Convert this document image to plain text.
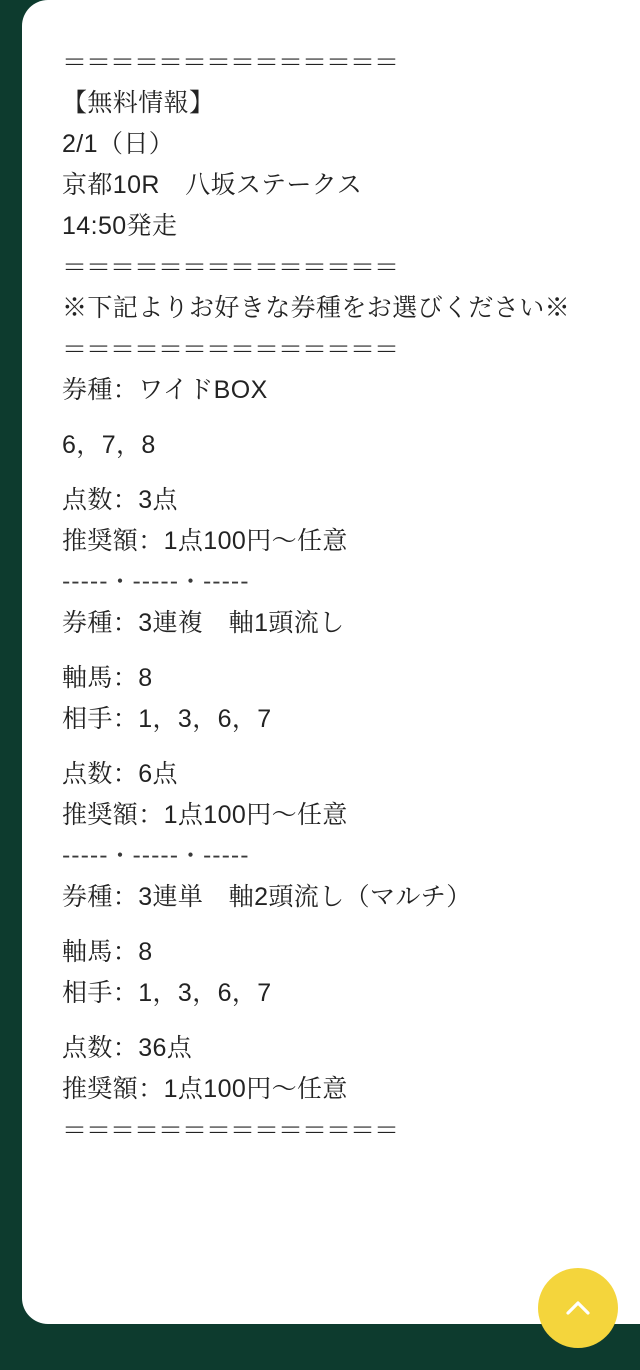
＝＝＝＝＝＝＝＝＝＝＝＝＝＝
【無料情報】
2/1（日）
京都10R　八坂ステークス
14:50発走
＝＝＝＝＝＝＝＝＝＝＝＝＝＝
※下記よりお好きな券種をお選びください※
＝＝＝＝＝＝＝＝＝＝＝＝＝＝
券種：ワイドBOX
6，7，8
点数：3点
推奨額：1点100円〜任意
-----・-----・-----
券種：3連複　軸1頭流し
軸馬：8
相手：1，3，6，7
点数：6点
推奨額：1点100円〜任意
-----・-----・-----
券種：3連単　軸2頭流し（マルチ）
軸馬：8
相手：1，3，6，7
点数：36点
推奨額：1点100円〜任意
＝＝＝＝＝＝＝＝＝＝＝＝＝＝
